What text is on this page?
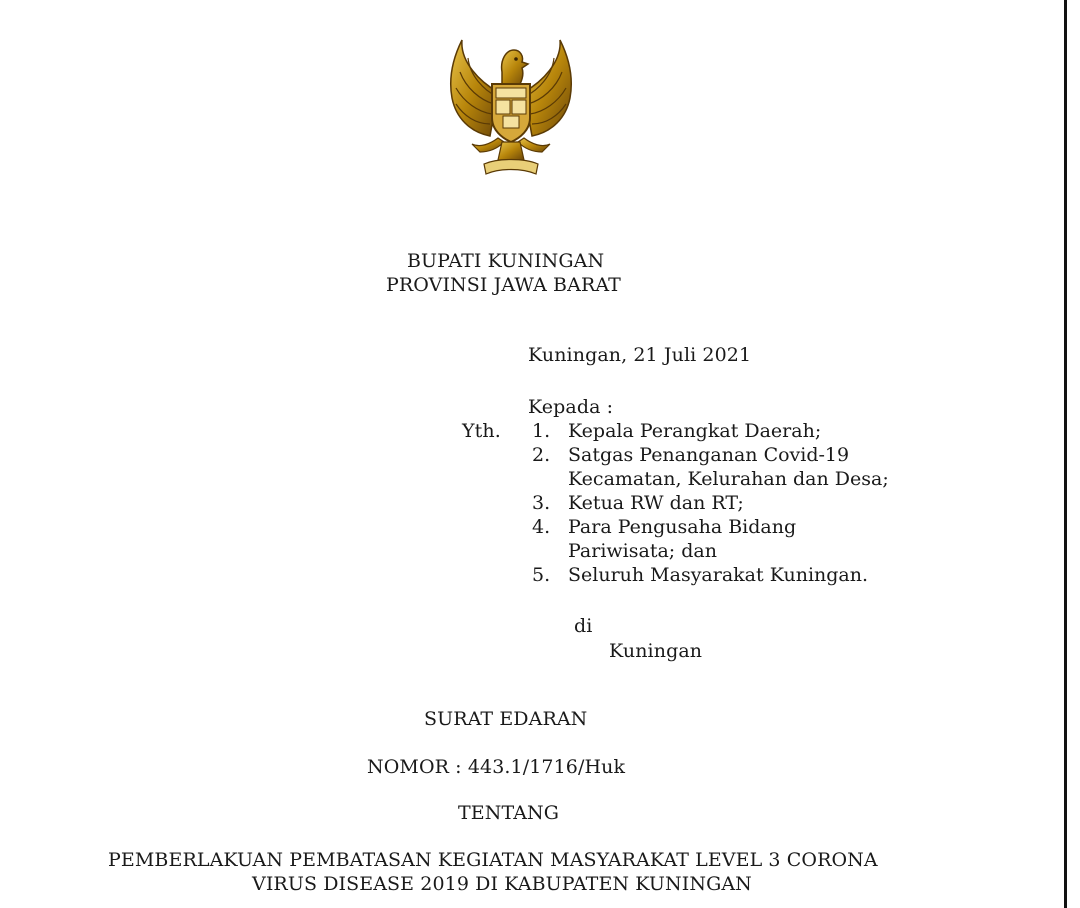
BUPATI KUNINGAN
PROVINSI JAWA BARAT
Kuningan, 21 Juli 2021
Kepada :
Yth. 1. Kepala Perangkat Daerah;
2. Satgas Penanganan Covid-19
Kecamatan, Kelurahan dan Desa;
3. Ketua RW dan RT;
4. Para Pengusaha Bidang
Pariwisata; dan
5. Seluruh Masyarakat Kuningan.
di
Kuningan
SURAT EDARAN
NOMOR : 443.1/1716/Huk
TENTANG
PEMBERLAKUAN PEMBATASAN KEGIATAN MASYARAKAT LEVEL 3 CORONA
VIRUS DISEASE 2019 DI KABUPATEN KUNINGAN
